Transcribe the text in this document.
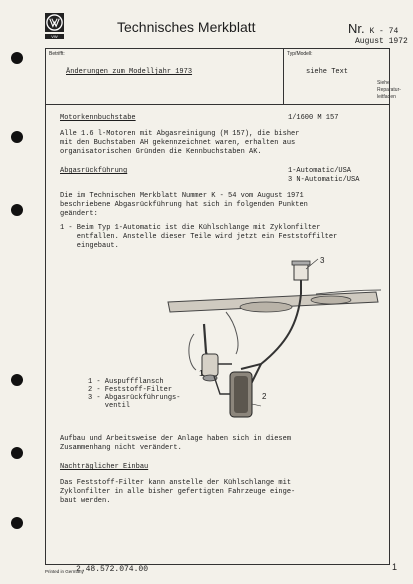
VW
Technisches Merkblatt	Nr. K - 74
August 1972
Betrifft:	Typ/Modell:
Änderungen zum Modelljahr 1973	siehe Text
Siehe Reparatur-leitfaden
Motorkennbuchstabe	1/1600 M 157
Alle 1.6 l-Motoren mit Abgasreinigung (M 157), die bisher
mit den Buchstaben AH gekennzeichnet waren, erhalten aus
organisatorischen Gründen die Kennbuchstaben AK.
Abgasrückführung	1-Automatic/USA
3 N-Automatic/USA
Die im Technischen Merkblatt Nummer K - 54 vom August 1971
beschriebene Abgasrückführung hat sich in folgenden Punkten
geändert:
1 - Beim Typ 1-Automatic ist die Kühlschlange mit Zyklonfilter
entfallen. Anstelle dieser Teile wird jetzt ein Feststoffilter
eingebaut.
3
1
2
1 - Auspuffflansch
2 - Feststoff-Filter
3 - Abgasrückführungs-
ventil
Aufbau und Arbeitsweise der Anlage haben sich in diesem
Zusammenhang nicht verändert.
Nachträglicher Einbau
Das Feststoff-Filter kann anstelle der Kühlschlange mit
Zyklonfilter in alle bisher gefertigten Fahrzeuge einge-
baut werden.
Printed in Germany
2.48.572.074.00	1
